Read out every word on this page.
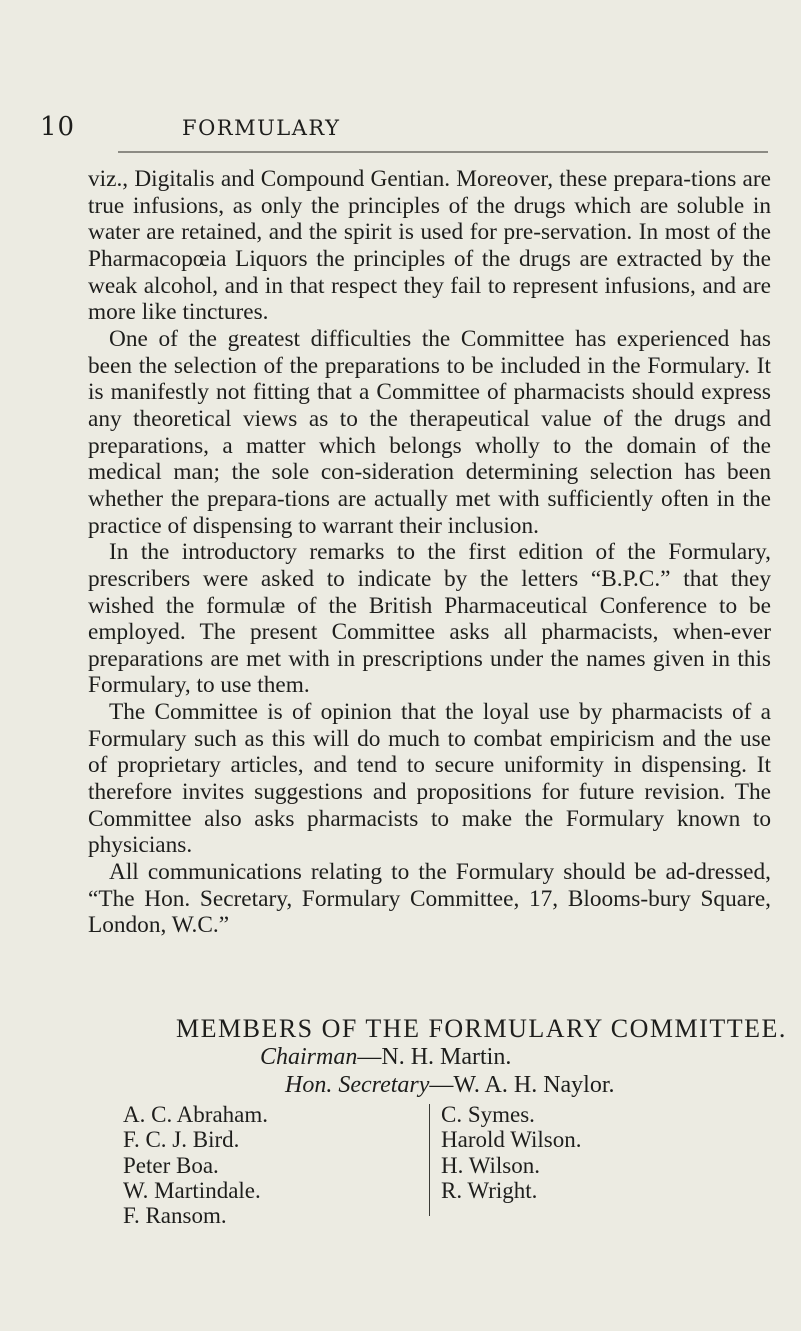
10	FORMULARY

viz., Digitalis and Compound Gentian. Moreover, these prepara-tions are true infusions, as only the principles of the drugs which are soluble in water are retained, and the spirit is used for pre-servation. In most of the Pharmacopœia Liquors the principles of the drugs are extracted by the weak alcohol, and in that respect they fail to represent infusions, and are more like tinctures.

One of the greatest difficulties the Committee has experienced has been the selection of the preparations to be included in the Formulary. It is manifestly not fitting that a Committee of pharmacists should express any theoretical views as to the therapeutical value of the drugs and preparations, a matter which belongs wholly to the domain of the medical man; the sole con-sideration determining selection has been whether the prepara-tions are actually met with sufficiently often in the practice of dispensing to warrant their inclusion.

In the introductory remarks to the first edition of the Formulary, prescribers were asked to indicate by the letters “B.P.C.” that they wished the formulæ of the British Pharmaceutical Conference to be employed. The present Committee asks all pharmacists, when-ever preparations are met with in prescriptions under the names given in this Formulary, to use them.

The Committee is of opinion that the loyal use by pharmacists of a Formulary such as this will do much to combat empiricism and the use of proprietary articles, and tend to secure uniformity in dispensing. It therefore invites suggestions and propositions for future revision. The Committee also asks pharmacists to make the Formulary known to physicians.

All communications relating to the Formulary should be ad-dressed, “The Hon. Secretary, Formulary Committee, 17, Blooms-bury Square, London, W.C.”

MEMBERS OF THE FORMULARY COMMITTEE.
Chairman—N. H. Martin.
Hon. Secretary—W. A. H. Naylor.
A. C. Abraham.
F. C. J. Bird.
Peter Boa.
W. Martindale.
F. Ransom.
C. Symes.
Harold Wilson.
H. Wilson.
R. Wright.
